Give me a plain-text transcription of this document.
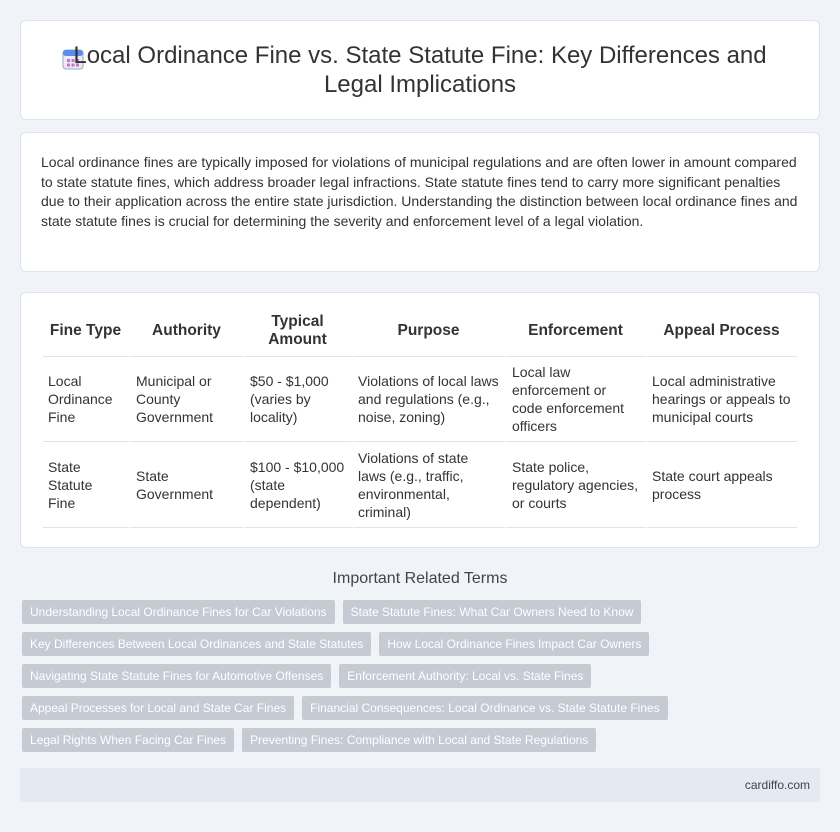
Local Ordinance Fine vs. State Statute Fine: Key Differences and Legal Implications

Local ordinance fines are typically imposed for violations of municipal regulations and are often lower in amount compared to state statute fines, which address broader legal infractions. State statute fines tend to carry more significant penalties due to their application across the entire state jurisdiction. Understanding the distinction between local ordinance fines and state statute fines is crucial for determining the severity and enforcement level of a legal violation.

Fine Type	Authority	Typical Amount	Purpose	Enforcement	Appeal Process
Local Ordinance Fine	Municipal or County Government	$50 - $1,000 (varies by locality)	Violations of local laws and regulations (e.g., noise, zoning)	Local law enforcement or code enforcement officers	Local administrative hearings or appeals to municipal courts
State Statute Fine	State Government	$100 - $10,000 (state dependent)	Violations of state laws (e.g., traffic, environmental, criminal)	State police, regulatory agencies, or courts	State court appeals process
Important Related Terms
Understanding Local Ordinance Fines for Car Violations	State Statute Fines: What Car Owners Need to Know
Key Differences Between Local Ordinances and State Statutes	How Local Ordinance Fines Impact Car Owners
Navigating State Statute Fines for Automotive Offenses	Enforcement Authority: Local vs. State Fines
Appeal Processes for Local and State Car Fines	Financial Consequences: Local Ordinance vs. State Statute Fines
Legal Rights When Facing Car Fines	Preventing Fines: Compliance with Local and State Regulations
cardiffo.com
